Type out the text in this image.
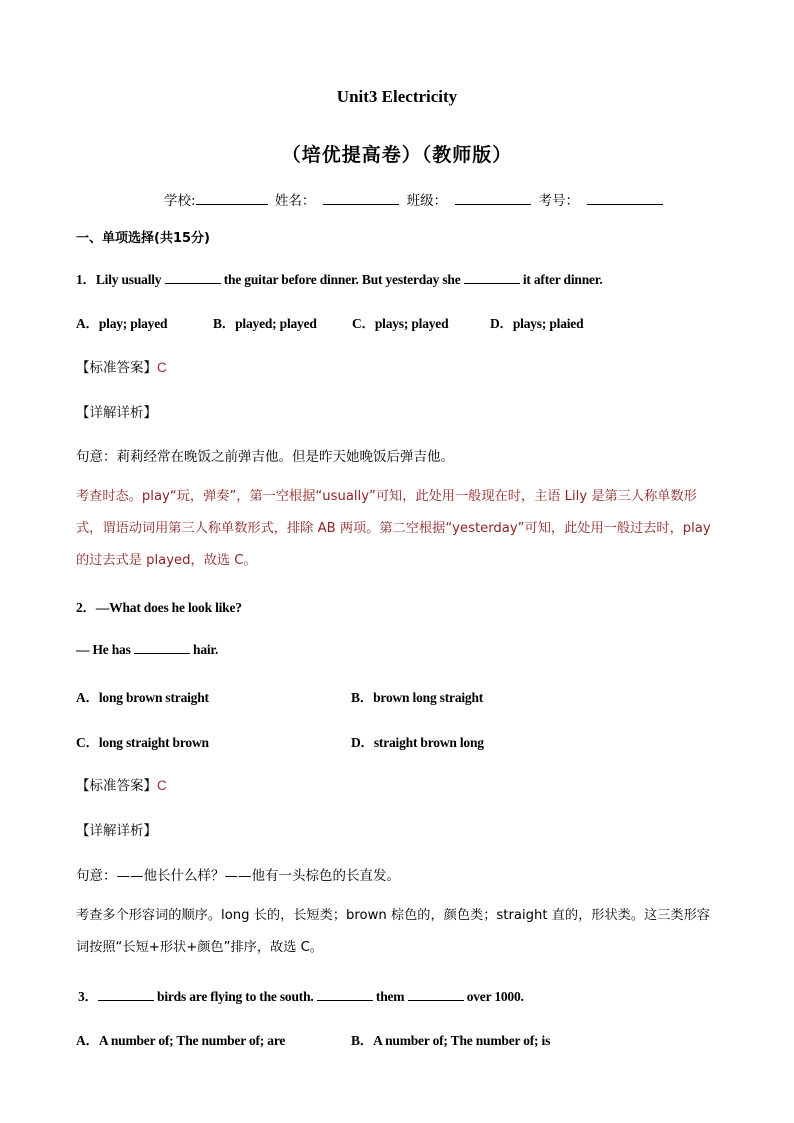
Unit3 Electricity
（培优提高卷）（教师版）
学校:	姓名：	班级：	考号：
一、单项选择(共15分)
1．Lily usually	the guitar before dinner. But yesterday she	it after dinner.
A．play; played	B．played; played	C．plays; played	D．plays; plaied
【标准答案】C
【详解详析】
句意：莉莉经常在晚饭之前弹吉他。但是昨天她晚饭后弹吉他。
考查时态。play“玩，弹奏”，第一空根据“usually”可知，此处用一般现在时，主语 Lily 是第三人称单数形式，谓语动词用第三人称单数形式，排除 AB 两项。第二空根据“yesterday”可知，此处用一般过去时，play 的过去式是 played，故选 C。
2．—What does he look like?
— He has	hair.
A．long brown straight	B．brown long straight
C．long straight brown	D．straight brown long
【标准答案】C
【详解详析】
句意：——他长什么样？——他有一头棕色的长直发。
考查多个形容词的顺序。long 长的，长短类；brown 棕色的，颜色类；straight 直的，形状类。这三类形容词按照“长短+形状+颜色”排序，故选 C。
3．	birds are flying to the south.	them	over 1000.
A．A number of; The number of; are	B．A number of; The number of; is
